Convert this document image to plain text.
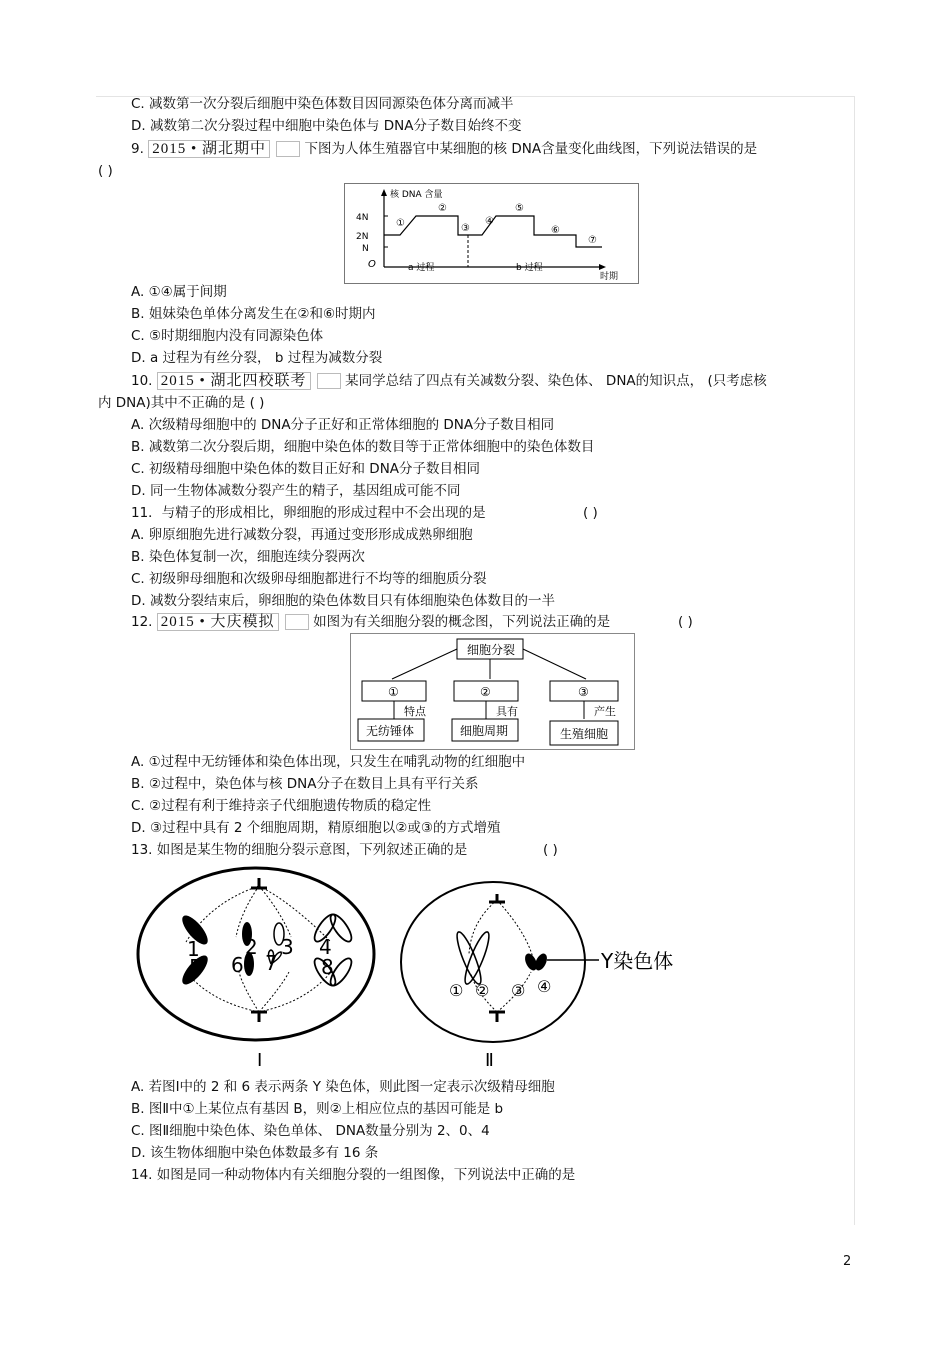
C. 减数第一次分裂后细胞中染色体数目因同源染色体分离而减半
D. 减数第二次分裂过程中细胞中染色体与 DNA分子数目始终不变
9. 2015 • 湖北期中	下图为人体生殖器官中某细胞的核 DNA含量变化曲线图，下列说法错误的是
( )
核 DNA 含量
4N
2N
N
O
①
②
③
④
⑤
⑥
⑦
a 过程	b 过程
时期
A. ①④属于间期
B. 姐妹染色单体分离发生在②和⑥时期内
C. ⑤时期细胞内没有同源染色体
D. a 过程为有丝分裂， b 过程为减数分裂
10. 2015 • 湖北四校联考	某同学总结了四点有关减数分裂、染色体、 DNA的知识点， (只考虑核
内 DNA)其中不正确的是 ( )
A. 次级精母细胞中的 DNA分子正好和正常体细胞的 DNA分子数目相同
B. 减数第二次分裂后期，细胞中染色体的数目等于正常体细胞中的染色体数目
C. 初级精母细胞中染色体的数目正好和 DNA分子数目相同
D. 同一生物体减数分裂产生的精子，基因组成可能不同
11．与精子的形成相比，卵细胞的形成过程中不会出现的是	( )
A. 卵原细胞先进行减数分裂，再通过变形形成成熟卵细胞
B. 染色体复制一次，细胞连续分裂两次
C. 初级卵母细胞和次级卵母细胞都进行不均等的细胞质分裂
D. 减数分裂结束后，卵细胞的染色体数目只有体细胞染色体数目的一半
12. 2015 • 大庆模拟	如图为有关细胞分裂的概念图，下列说法正确的是	( )
细胞分裂
①	②	③
特点	具有	产生
无纺锤体	细胞周期	生殖细胞
A. ①过程中无纺锤体和染色体出现，只发生在哺乳动物的红细胞中
B. ②过程中，染色体与核 DNA分子在数目上具有平行关系
C. ②过程有利于维持亲子代细胞遗传物质的稳定性
D. ③过程中具有 2 个细胞周期，精原细胞以②或③的方式增殖
13. 如图是某生物的细胞分裂示意图，下列叙述正确的是	( )
1 2 3 4
5 6 7 8
Ⅰ
① ② ③ ④
Y染色体
Ⅱ
A. 若图Ⅰ中的 2 和 6 表示两条 Y 染色体，则此图一定表示次级精母细胞
B. 图Ⅱ中①上某位点有基因 B，则②上相应位点的基因可能是 b
C. 图Ⅱ细胞中染色体、染色单体、 DNA数量分别为 2、0、4
D. 该生物体细胞中染色体数最多有 16 条
14. 如图是同一种动物体内有关细胞分裂的一组图像，下列说法中正确的是
2
